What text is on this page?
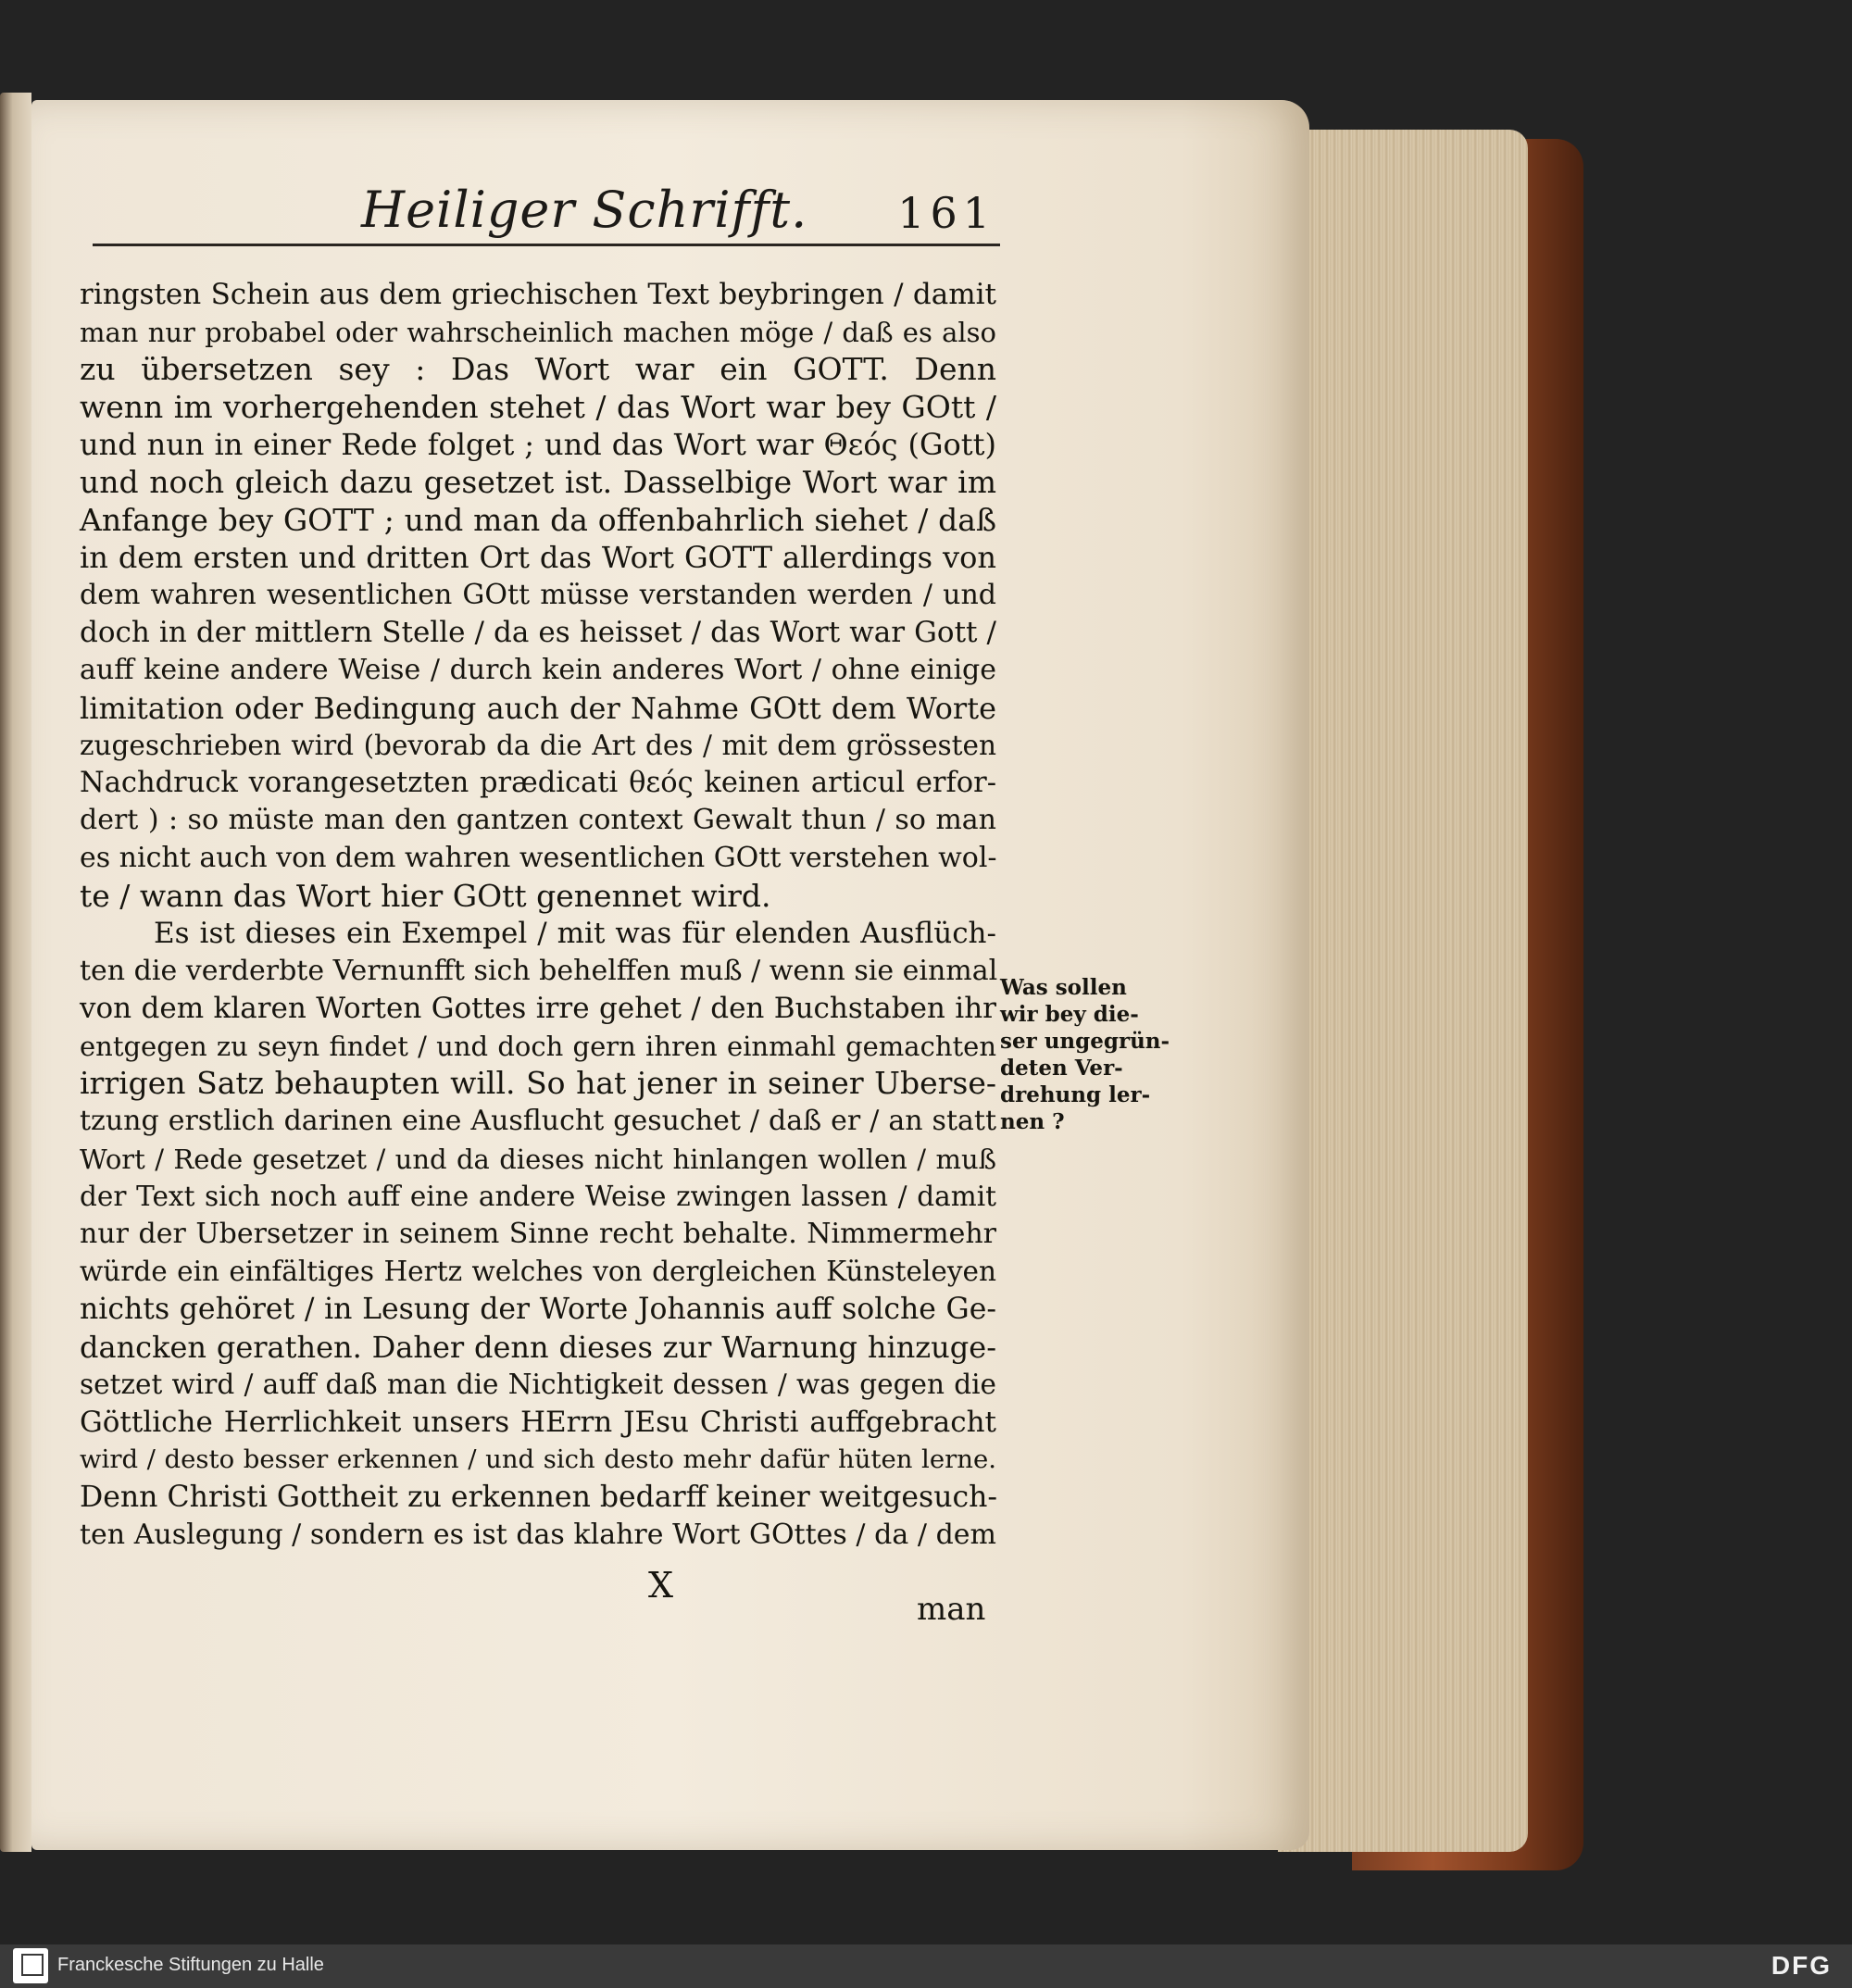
Heiliger Schrifft. 161
ringsten Schein aus dem griechischen Text beybringen / damit
man nur probabel oder wahrscheinlich machen möge / daß es also
zu übersetzen sey : Das Wort war ein GOTT. Denn
wenn im vorhergehenden stehet / das Wort war bey GOtt /
und nun in einer Rede folget ; und das Wort war Θεός (Gott)
und noch gleich dazu gesetzet ist. Dasselbige Wort war im
Anfange bey GOTT ; und man da offenbahrlich siehet / daß
in dem ersten und dritten Ort das Wort GOTT allerdings von
dem wahren wesentlichen GOtt müsse verstanden werden / und
doch in der mittlern Stelle / da es heisset / das Wort war Gott /
auff keine andere Weise / durch kein anderes Wort / ohne einige
limitation oder Bedingung auch der Nahme GOtt dem Worte
zugeschrieben wird (bevorab da die Art des / mit dem grössesten
Nachdruck vorangesetzten prædicati θεός keinen articul erfor-
dert ) : so müste man den gantzen context Gewalt thun / so man
es nicht auch von dem wahren wesentlichen GOtt verstehen wol-
te / wann das Wort hier GOtt genennet wird.
Es ist dieses ein Exempel / mit was für elenden Ausflüch-
ten die verderbte Vernunfft sich behelffen muß / wenn sie einmal
von dem klaren Worten Gottes irre gehet / den Buchstaben ihr
entgegen zu seyn findet / und doch gern ihren einmahl gemachten
irrigen Satz behaupten will. So hat jener in seiner Uberse-
tzung erstlich darinen eine Ausflucht gesuchet / daß er / an statt
Wort / Rede gesetzet / und da dieses nicht hinlangen wollen / muß
der Text sich noch auff eine andere Weise zwingen lassen / damit
nur der Ubersetzer in seinem Sinne recht behalte. Nimmermehr
würde ein einfältiges Hertz welches von dergleichen Künsteleyen
nichts gehöret / in Lesung der Worte Johannis auff solche Ge-
dancken gerathen. Daher denn dieses zur Warnung hinzuge-
setzet wird / auff daß man die Nichtigkeit dessen / was gegen die
Göttliche Herrlichkeit unsers HErrn JEsu Christi auffgebracht
wird / desto besser erkennen / und sich desto mehr dafür hüten lerne.
Denn Christi Gottheit zu erkennen bedarff keiner weitgesuch-
ten Auslegung / sondern es ist das klahre Wort GOttes / da / dem
Was sollen
wir bey die-
ser ungegrün-
deten Ver-
drehung ler-
nen ?
X
man
Franckesche Stiftungen zu Halle	DFG
